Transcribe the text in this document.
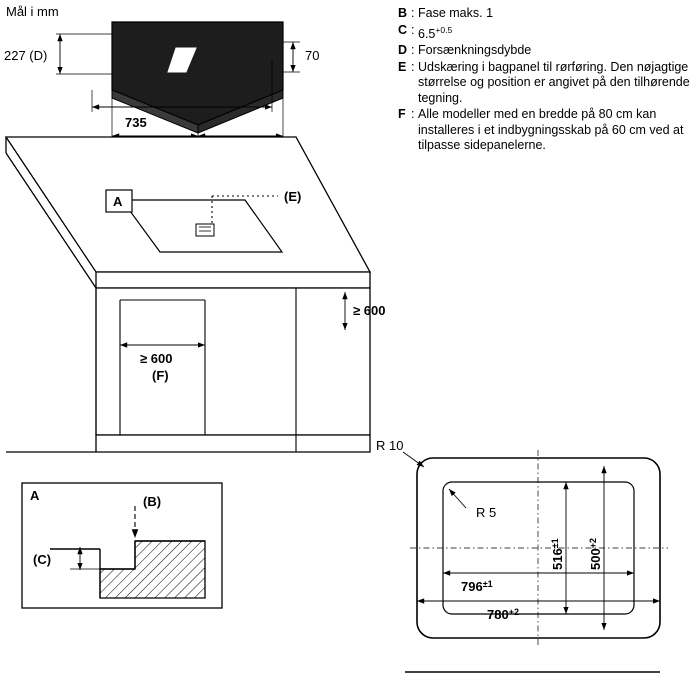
B : Fase maks. 1
C : $6.5^{+0.5}$
D : Forsænkningsdybde
E : Udskæring i bagpanel til rørføring. Den nøjagtige størrelse og position er angivet på den tilhørende tegning.
F : Alle modeller med en bredde på 80 cm kan installeres i et indbygningsskab på 60 cm ved at tilpasse sidepanelerne.
Mål i mm
227 (D)	70
735
A	(E)
≥ 600
≥ 600
(F)
A	(B)
(C)
R 10
R 5
$796^{\pm 1}$
$780^{+2}$
$516^{\pm 1}$
$500^{+2}$
